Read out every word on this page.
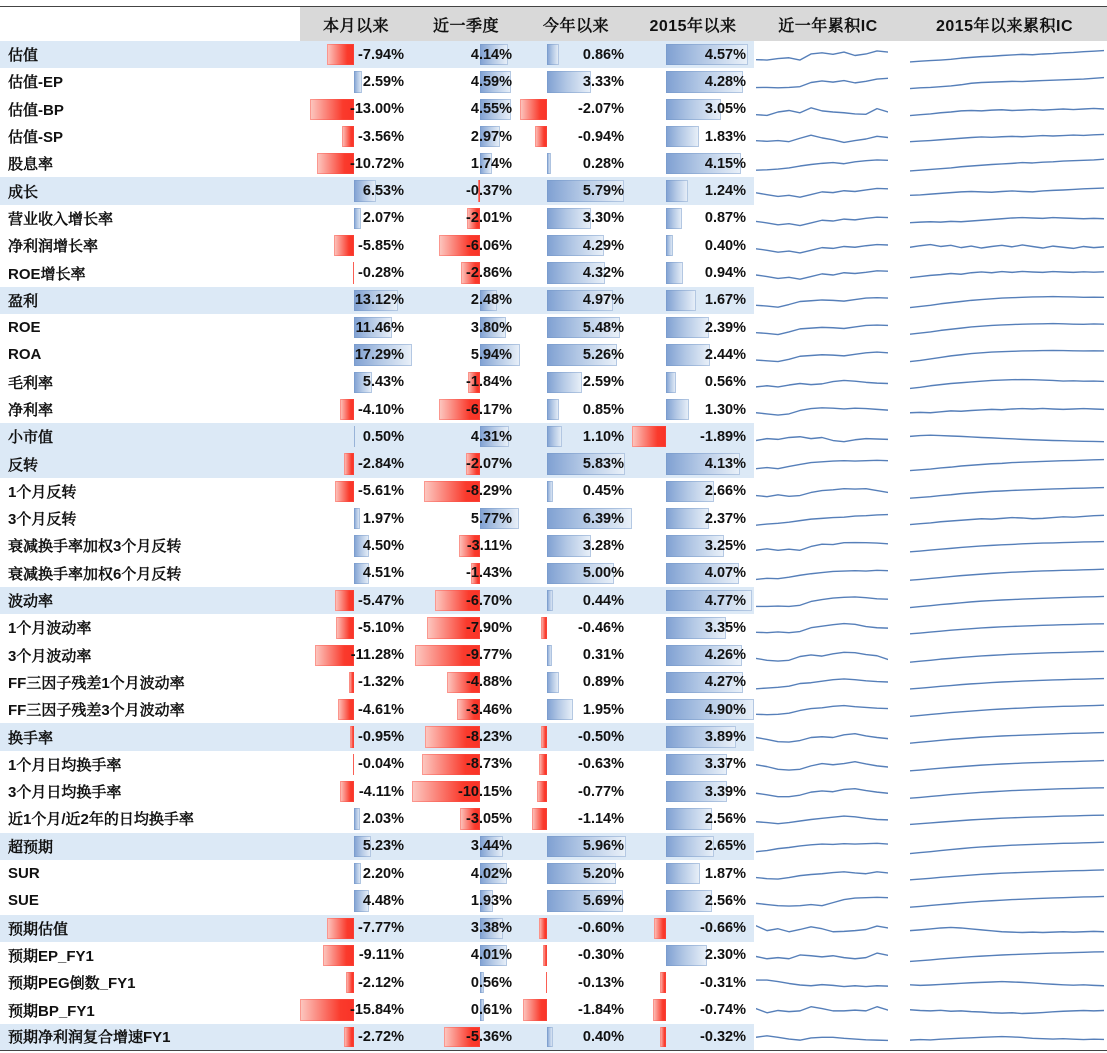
本月以来	近一季度	今年以来	2015年以来	近一年累积IC	2015年以来累积IC
估值	-7.94%	4.14%	0.86%	4.57%
估值-EP	2.59%	4.59%	3.33%	4.28%
估值-BP	-13.00%	4.55%	-2.07%	3.05%
估值-SP	-3.56%	2.97%	-0.94%	1.83%
股息率	-10.72%	1.74%	0.28%	4.15%
成长	6.53%	-0.37%	5.79%	1.24%
营业收入增长率	2.07%	-2.01%	3.30%	0.87%
净利润增长率	-5.85%	-6.06%	4.29%	0.40%
ROE增长率	-0.28%	-2.86%	4.32%	0.94%
盈利	13.12%	2.48%	4.97%	1.67%
ROE	11.46%	3.80%	5.48%	2.39%
ROA	17.29%	5.94%	5.26%	2.44%
毛利率	5.43%	-1.84%	2.59%	0.56%
净利率	-4.10%	-6.17%	0.85%	1.30%
小市值	0.50%	4.31%	1.10%	-1.89%
反转	-2.84%	-2.07%	5.83%	4.13%
1个月反转	-5.61%	-8.29%	0.45%	2.66%
3个月反转	1.97%	5.77%	6.39%	2.37%
衰减换手率加权3个月反转	4.50%	-3.11%	3.28%	3.25%
衰减换手率加权6个月反转	4.51%	-1.43%	5.00%	4.07%
波动率	-5.47%	-6.70%	0.44%	4.77%
1个月波动率	-5.10%	-7.90%	-0.46%	3.35%
3个月波动率	-11.28%	-9.77%	0.31%	4.26%
FF三因子残差1个月波动率	-1.32%	-4.88%	0.89%	4.27%
FF三因子残差3个月波动率	-4.61%	-3.46%	1.95%	4.90%
换手率	-0.95%	-8.23%	-0.50%	3.89%
1个月日均换手率	-0.04%	-8.73%	-0.63%	3.37%
3个月日均换手率	-4.11%	-10.15%	-0.77%	3.39%
近1个月/近2年的日均换手率	2.03%	-3.05%	-1.14%	2.56%
超预期	5.23%	3.44%	5.96%	2.65%
SUR	2.20%	4.02%	5.20%	1.87%
SUE	4.48%	1.93%	5.69%	2.56%
预期估值	-7.77%	3.38%	-0.60%	-0.66%
预期EP_FY1	-9.11%	4.01%	-0.30%	2.30%
预期PEG倒数_FY1	-2.12%	0.56%	-0.13%	-0.31%
预期BP_FY1	-15.84%	0.61%	-1.84%	-0.74%
预期净利润复合增速FY1	-2.72%	-5.36%	0.40%	-0.32%
